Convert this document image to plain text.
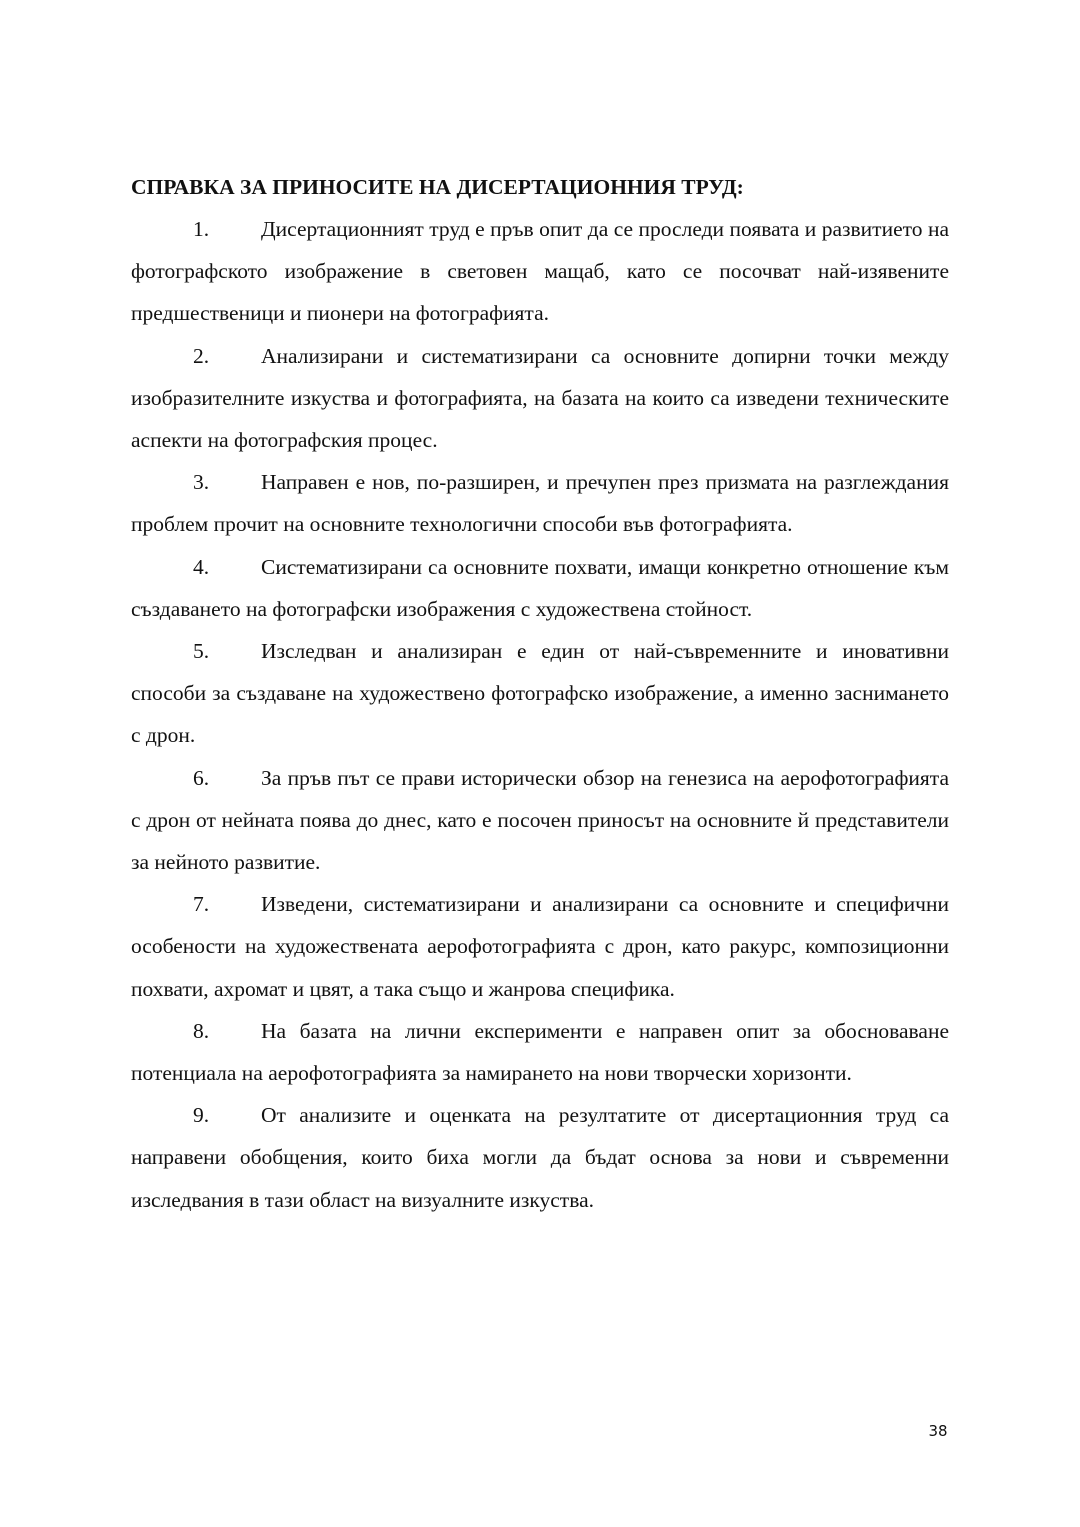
СПРАВКА ЗА ПРИНОСИТЕ НА ДИСЕРТАЦИОННИЯ ТРУД:

1. Дисертационният труд е пръв опит да се проследи появата и развитието на фотографското изображение в световен мащаб, като се посочват най-изявените предшественици и пионери на фотографията.

2. Анализирани и систематизирани са основните допирни точки между изобразителните изкуства и фотографията, на базата на които са изведени техническите аспекти на фотографския процес.

3. Направен е нов, по-разширен, и пречупен през призмата на разглеждания проблем прочит на основните технологични способи във фотографията.

4. Систематизирани са основните похвати, имащи конкретно отношение към създаването на фотографски изображения с художествена стойност.

5. Изследван и анализиран е един от най-съвременните и иновативни способи за създаване на художествено фотографско изображение, а именно заснимането с дрон.

6. За пръв път се прави исторически обзор на генезиса на аерофотографията с дрон от нейната поява до днес, като е посочен приносът на основните й представители за нейното развитие.

7. Изведени, систематизирани и анализирани са основните и специфични особености на художествената аерофотографията с дрон, като ракурс, композиционни похвати, ахромат и цвят, а така също и жанрова специфика.

8. На базата на лични експерименти е направен опит за обосноваване потенциала на аерофотографията за намирането на нови творчески хоризонти.

9. От анализите и оценката на резултатите от дисертационния труд са направени обобщения, които биха могли да бъдат основа за нови и съвременни изследвания в тази област на визуалните изкуства.

38
